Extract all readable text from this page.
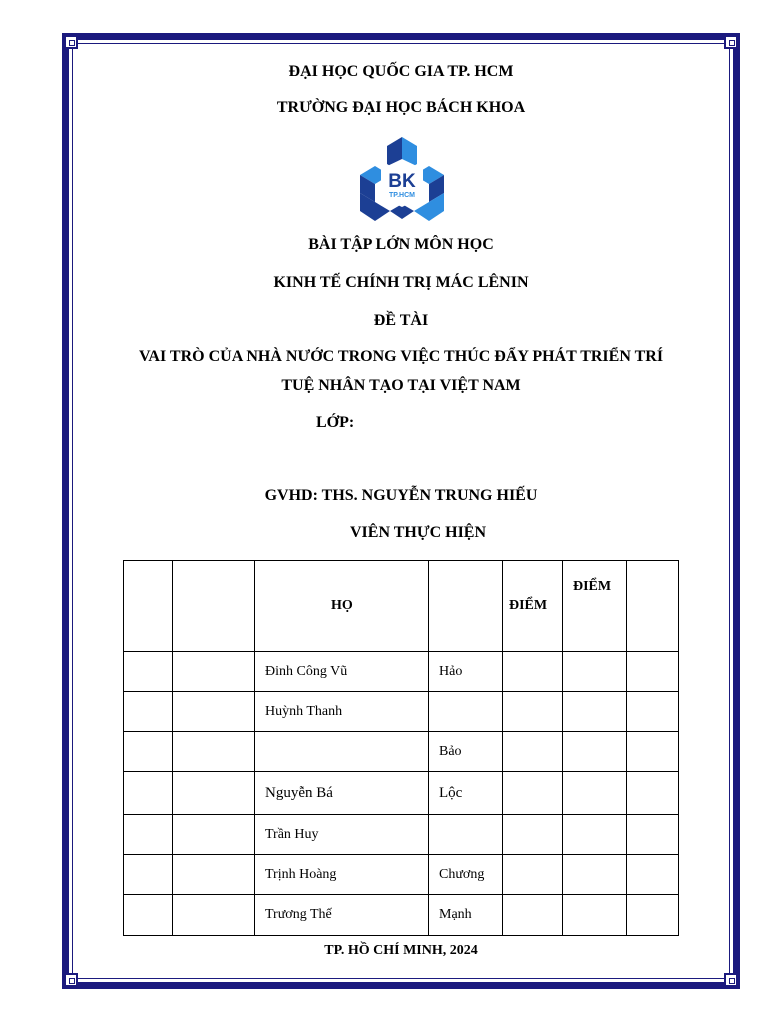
ĐẠI HỌC QUỐC GIA TP. HCM
TRƯỜNG ĐẠI HỌC BÁCH KHOA
BK
TP.HCM
BÀI TẬP LỚN MÔN HỌC
KINH TẾ CHÍNH TRỊ MÁC LÊNIN
ĐỀ TÀI
VAI TRÒ CỦA NHÀ NƯỚC TRONG VIỆC THÚC ĐẨY PHÁT TRIỂN TRÍ
TUỆ NHÂN TẠO TẠI VIỆT NAM
LỚP:
GVHD: THS. NGUYỄN TRUNG HIẾU
VIÊN THỰC HIỆN
		HỌ		ĐIỂM	ĐIỂM	
		Đinh Công Vũ	Hảo			
		Huỳnh Thanh				
			Bảo			
		Nguyễn Bá	Lộc			
		Trần Huy				
		Trịnh Hoàng	Chương			
		Trương Thế	Mạnh			
TP. HỒ CHÍ MINH, 2024
